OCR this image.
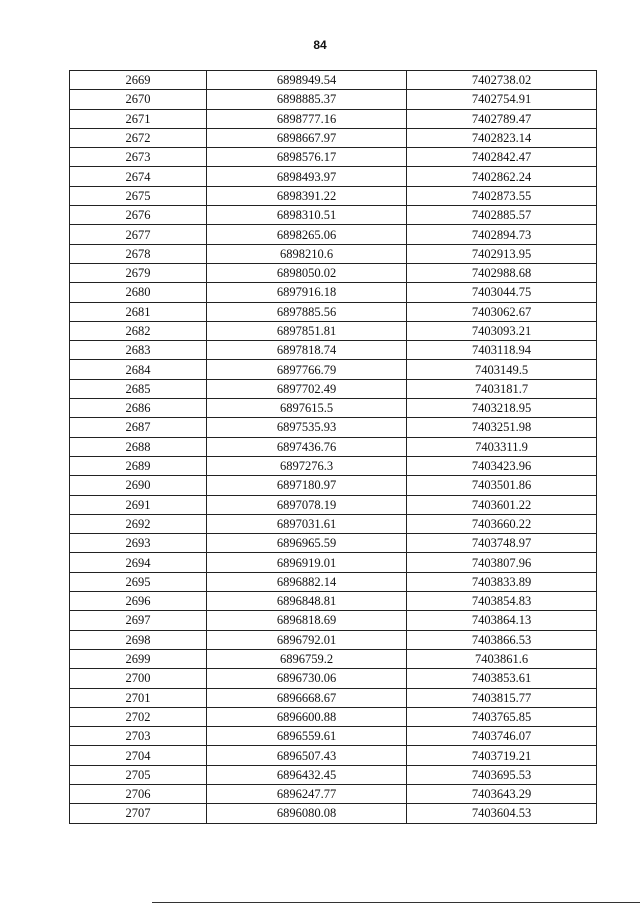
84
2669	6898949.54	7402738.02
2670	6898885.37	7402754.91
2671	6898777.16	7402789.47
2672	6898667.97	7402823.14
2673	6898576.17	7402842.47
2674	6898493.97	7402862.24
2675	6898391.22	7402873.55
2676	6898310.51	7402885.57
2677	6898265.06	7402894.73
2678	6898210.6	7402913.95
2679	6898050.02	7402988.68
2680	6897916.18	7403044.75
2681	6897885.56	7403062.67
2682	6897851.81	7403093.21
2683	6897818.74	7403118.94
2684	6897766.79	7403149.5
2685	6897702.49	7403181.7
2686	6897615.5	7403218.95
2687	6897535.93	7403251.98
2688	6897436.76	7403311.9
2689	6897276.3	7403423.96
2690	6897180.97	7403501.86
2691	6897078.19	7403601.22
2692	6897031.61	7403660.22
2693	6896965.59	7403748.97
2694	6896919.01	7403807.96
2695	6896882.14	7403833.89
2696	6896848.81	7403854.83
2697	6896818.69	7403864.13
2698	6896792.01	7403866.53
2699	6896759.2	7403861.6
2700	6896730.06	7403853.61
2701	6896668.67	7403815.77
2702	6896600.88	7403765.85
2703	6896559.61	7403746.07
2704	6896507.43	7403719.21
2705	6896432.45	7403695.53
2706	6896247.77	7403643.29
2707	6896080.08	7403604.53
